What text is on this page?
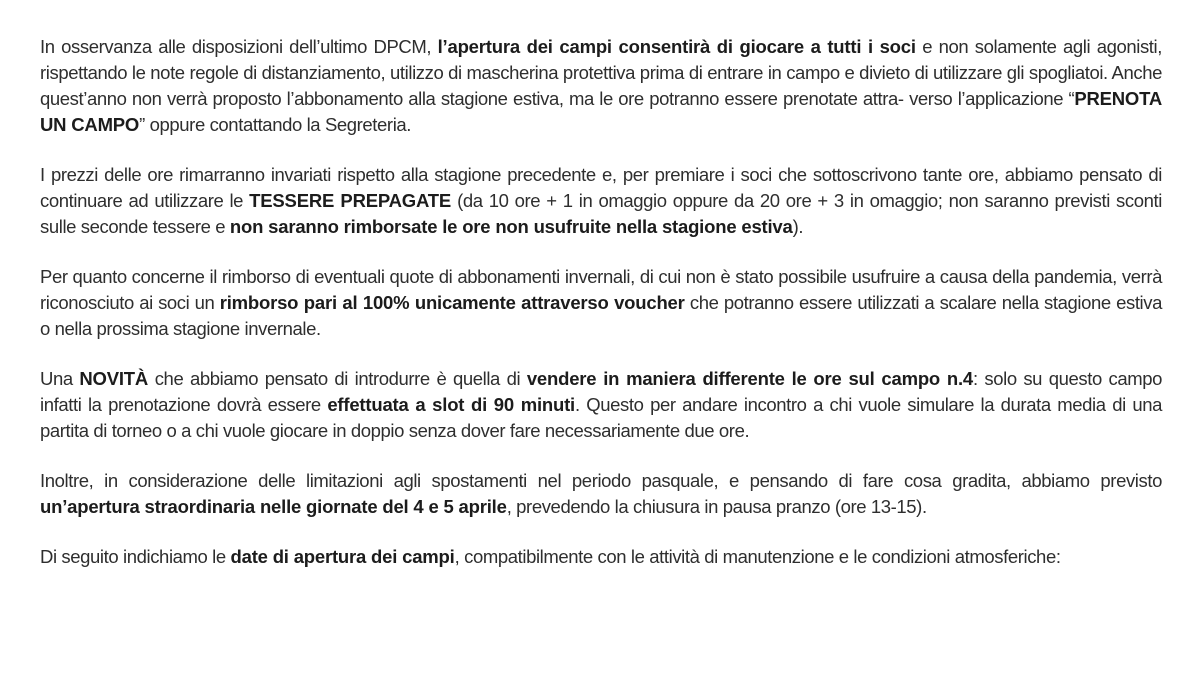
In osservanza alle disposizioni dell’ultimo DPCM, l’apertura dei campi consentirà di giocare a tutti i soci e non solamente agli agonisti, rispettando le note regole di distanziamento, utilizzo di mascherina protettiva prima di entrare in campo e divieto di utilizzare gli spogliatoi. Anche quest’anno non verrà proposto l’abbonamento alla stagione estiva, ma le ore potranno essere prenotate attra- verso l’applicazione “PRENOTA UN CAMPO” oppure contattando la Segreteria.

I prezzi delle ore rimarranno invariati rispetto alla stagione precedente e, per premiare i soci che sottoscrivono tante ore, abbiamo pensato di continuare ad utilizzare le TESSERE PREPAGATE (da 10 ore + 1 in omaggio oppure da 20 ore + 3 in omaggio; non saranno previsti sconti sulle seconde tessere e non saranno rimborsate le ore non usufruite nella stagione estiva).

Per quanto concerne il rimborso di eventuali quote di abbonamenti invernali, di cui non è stato possibile usufruire a causa della pandemia, verrà riconosciuto ai soci un rimborso pari al 100% unicamente attraverso voucher che potranno essere utilizzati a scalare nella stagione estiva o nella prossima stagione invernale.

Una NOVITÀ che abbiamo pensato di introdurre è quella di vendere in maniera differente le ore sul campo n.4: solo su questo campo infatti la prenotazione dovrà essere effettuata a slot di 90 minuti. Questo per andare incontro a chi vuole simulare la durata media di una partita di torneo o a chi vuole giocare in doppio senza dover fare necessariamente due ore.

Inoltre, in considerazione delle limitazioni agli spostamenti nel periodo pasquale, e pensando di fare cosa gradita, abbiamo previsto un’apertura straordinaria nelle giornate del 4 e 5 aprile, prevedendo la chiusura in pausa pranzo (ore 13-15).

Di seguito indichiamo le date di apertura dei campi, compatibilmente con le attività di manutenzione e le condizioni atmosferiche:
